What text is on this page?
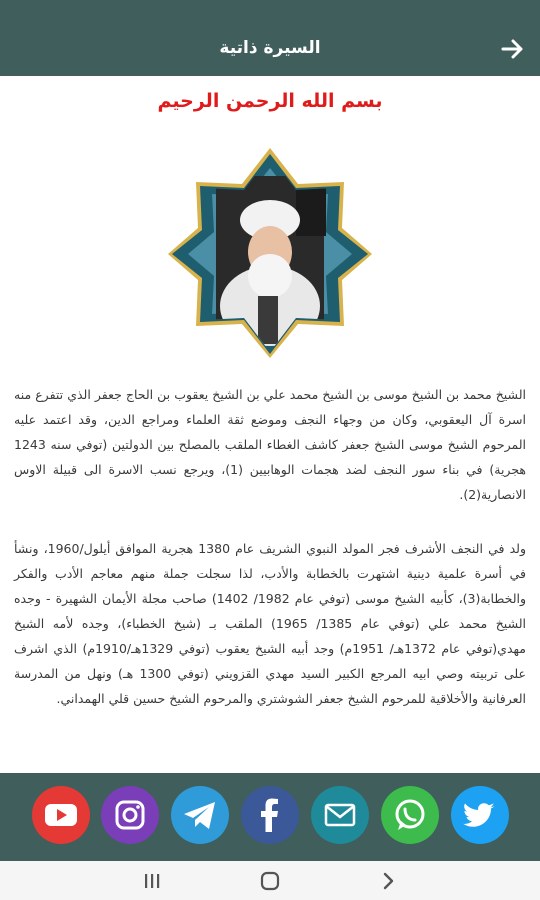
السيرة ذاتية
بسم الله الرحمن الرحيم
الشيخ محمد بن الشيخ موسى بن الشيخ محمد علي بن الشيخ يعقوب بن الحاج جعفر الذي تتفرع منه اسرة آل اليعقوبي، وكان من وجهاء النجف وموضع ثقة العلماء ومراجع الدين، وقد اعتمد عليه المرحوم الشيخ موسى الشيخ جعفر كاشف الغطاء الملقب بالمصلح بين الدولتين (توفي سنه 1243 هجرية) في بناء سور النجف لضد هجمات الوهابيين (1)، ويرجع نسب الاسرة الى قبيلة الاوس الانصارية(2).
ولد في النجف الأشرف فجر المولد النبوي الشريف عام 1380 هجرية الموافق أيلول/1960، ونشأ في أسرة علمية دينية اشتهرت بالخطابة والأدب، لذا سجلت جملة منهم معاجم الأدب والفكر والخطابة(3)، كأبيه الشيخ موسى (توفي عام 1982/ 1402) صاحب مجلة الأيمان الشهيرة - وجده الشيخ محمد علي (توفي عام 1385/ 1965) الملقب بـ (شيخ الخطباء)، وجده لأمه الشيخ مهدي(توفي عام 1372هـ/ 1951م) وجد أبيه الشيخ يعقوب (توفي 1329هـ/1910م) الذي اشرف على تربيته وصي ابيه المرجع الكبير السيد مهدي القزويني (توفي 1300 هـ) ونهل من المدرسة العرفانية والأخلاقية للمرحوم الشيخ جعفر الشوشتري والمرحوم الشيخ حسين قلي الهمداني.
